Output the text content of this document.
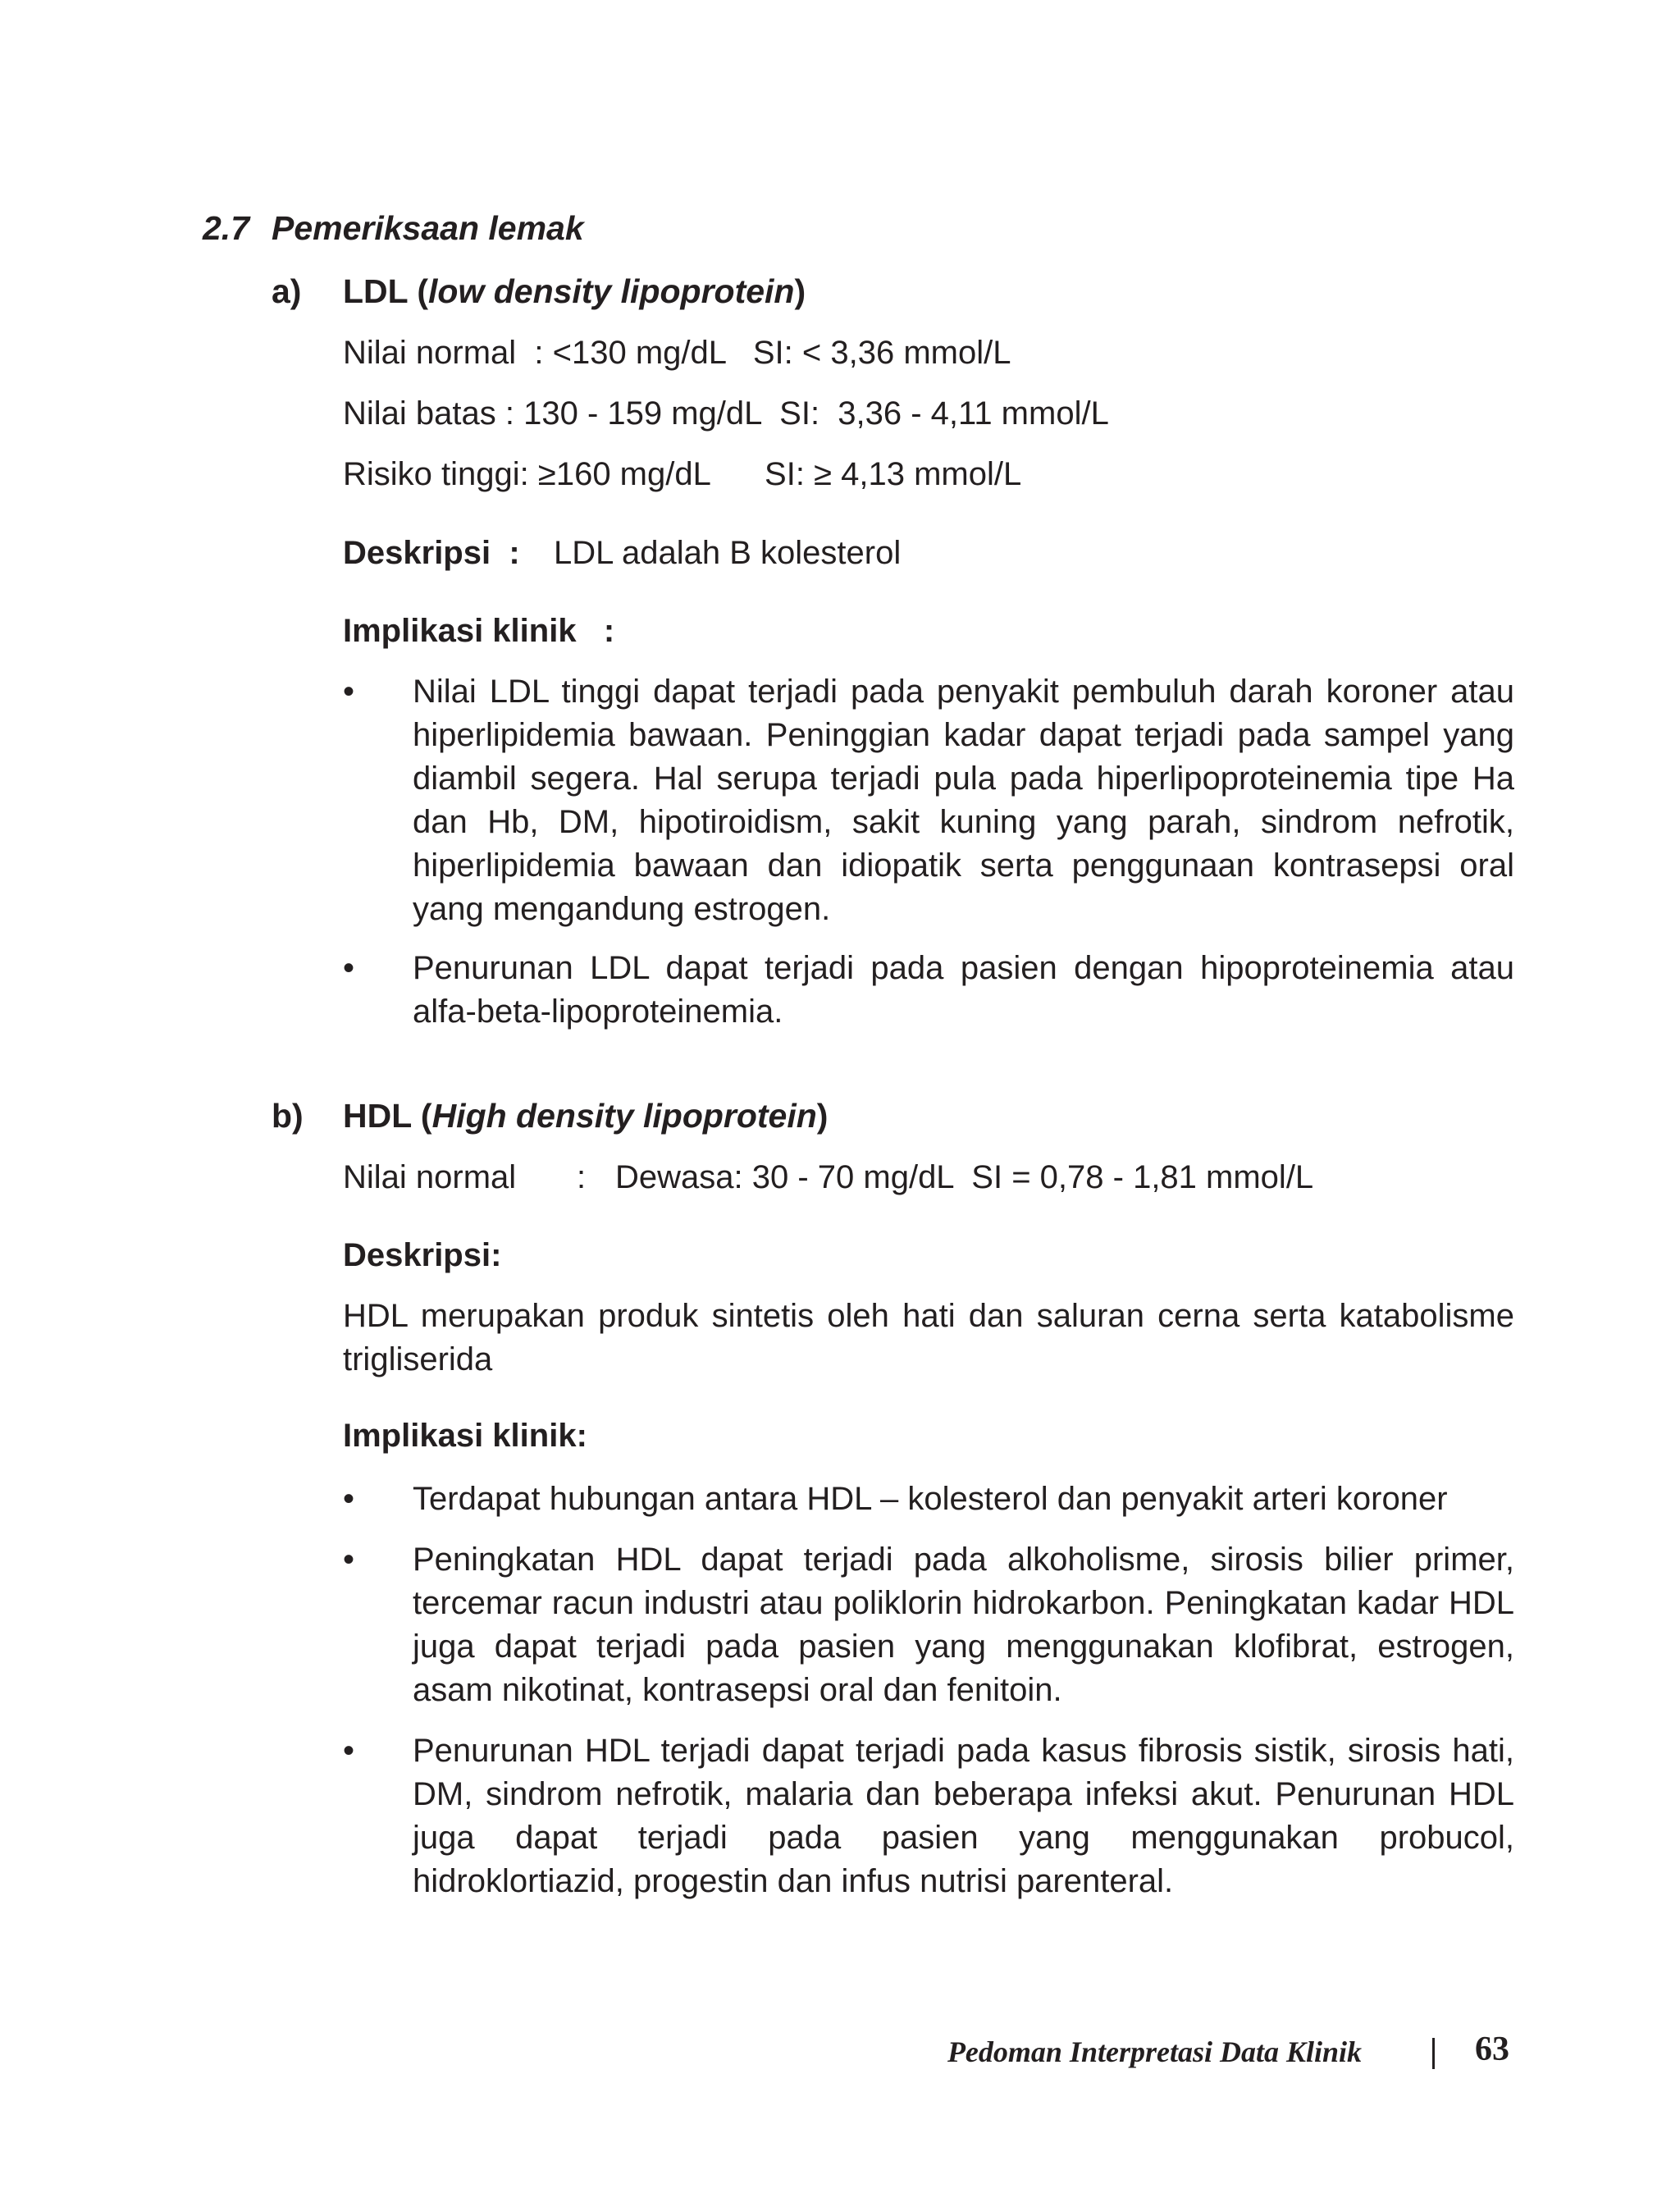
2.7 Pemeriksaan lemak
a) LDL (low density lipoprotein)
Nilai normal  : <130 mg/dL   SI: < 3,36 mmol/L
Nilai batas : 130 - 159 mg/dL  SI:  3,36 - 4,11 mmol/L
Risiko tinggi: ≥160 mg/dL      SI: ≥ 4,13 mmol/L
Deskripsi  : LDL adalah B kolesterol
Implikasi klinik   :
• Nilai LDL tinggi dapat terjadi pada penyakit pembuluh darah koroner atau hiperlipidemia bawaan. Peninggian kadar dapat terjadi pada sampel yang diambil segera. Hal serupa terjadi pula pada hiperlipoproteinemia tipe Ha dan Hb, DM, hipotiroidism, sakit kuning yang parah, sindrom nefrotik, hiperlipidemia bawaan dan idiopatik serta penggunaan kontrasepsi oral yang mengandung estrogen.
• Penurunan LDL dapat terjadi pada pasien dengan hipoproteinemia atau alfa-beta-lipoproteinemia.
b) HDL (High density lipoprotein)
Nilai normal : Dewasa: 30 - 70 mg/dL  SI = 0,78 - 1,81 mmol/L
Deskripsi:
HDL merupakan produk sintetis oleh hati dan saluran cerna serta katabolisme trigliserida
Implikasi klinik:
• Terdapat hubungan antara HDL – kolesterol dan penyakit arteri koroner
• Peningkatan HDL dapat terjadi pada alkoholisme, sirosis bilier primer, tercemar racun industri atau poliklorin hidrokarbon. Peningkatan kadar HDL juga dapat terjadi pada pasien yang menggunakan klofibrat, estrogen, asam nikotinat, kontrasepsi oral dan fenitoin.
• Penurunan HDL terjadi dapat terjadi pada kasus fibrosis sistik, sirosis hati, DM, sindrom nefrotik, malaria dan beberapa infeksi akut. Penurunan HDL juga dapat terjadi pada pasien yang menggunakan probucol, hidroklortiazid, progestin dan infus nutrisi parenteral.
Pedoman Interpretasi Data Klinik	63
